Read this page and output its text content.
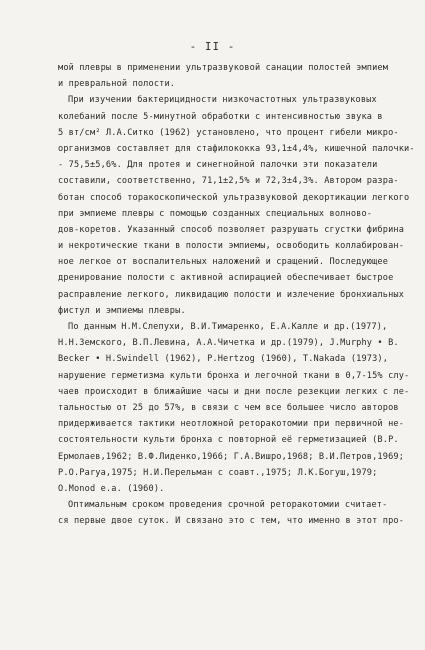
- II -
мой плевры в применении ультразвуковой санации полостей эмпием
и превральной полости.
При изучении бактерицидности низкочастотных ультразвуковых
колебаний после 5-минутной обработки с интенсивностью звука в
5 вт/см² Л.А.Ситко (1962) установлено, что процент гибели микро-
организмов составляет для стафилококка 93,1±4,4%, кишечной палочки-
- 75,5±5,6%. Для протея и синегнойной палочки эти показатели
составили, соответственно, 71,1±2,5% и 72,3±4,3%. Автором разра-
ботан способ торакоскопической ультразвуковой декортикации легкого
при эмпиеме плевры с помощью созданных специальных волново-
дов-коретов. Указанный способ позволяет разрушать сгустки фибрина
и некротические ткани в полости эмпиемы, освободить коллабирован-
ное легкое от воспалительных наложений и сращений. Последующее
дренирование полости с активной аспирацией обеспечивает быстрое
расправление легкого, ликвидацию полости и излечение бронхиальных
фистул и эмпиемы плевры.
По данным Н.М.Слепухи, В.И.Тимаренко, Е.А.Калле и др.(1977),
Н.Н.Земского, В.П.Левина, А.А.Чичетка и др.(1979), J.Murphy • B.
Becker • H.Swindell (1962), P.Hertzog (1960), T.Nakada (1973),
нарушение герметизма культи бронха и легочной ткани в 0,7-15% слу-
чаев происходит в ближайшие часы и дни после резекции легких с ле-
тальностью от 25 до 57%, в связи с чем все большее число авторов
придерживается тактики неотложной реторакотомии при первичной не-
состоятельности культи бронха с повторной её герметизацией (В.Р.
Ермолаев,1962; В.Ф.Лиденко,1966; Г.А.Вишро,1968; В.И.Петров,1969;
P.O.Parya,1975; Н.И.Перельман с соавт.,1975; Л.К.Богуш,1979;
O.Monod e.a. (1960).
Оптимальным сроком проведения срочной реторакотомии считает-
ся первые двое суток. И связано это с тем, что именно в этот про-
